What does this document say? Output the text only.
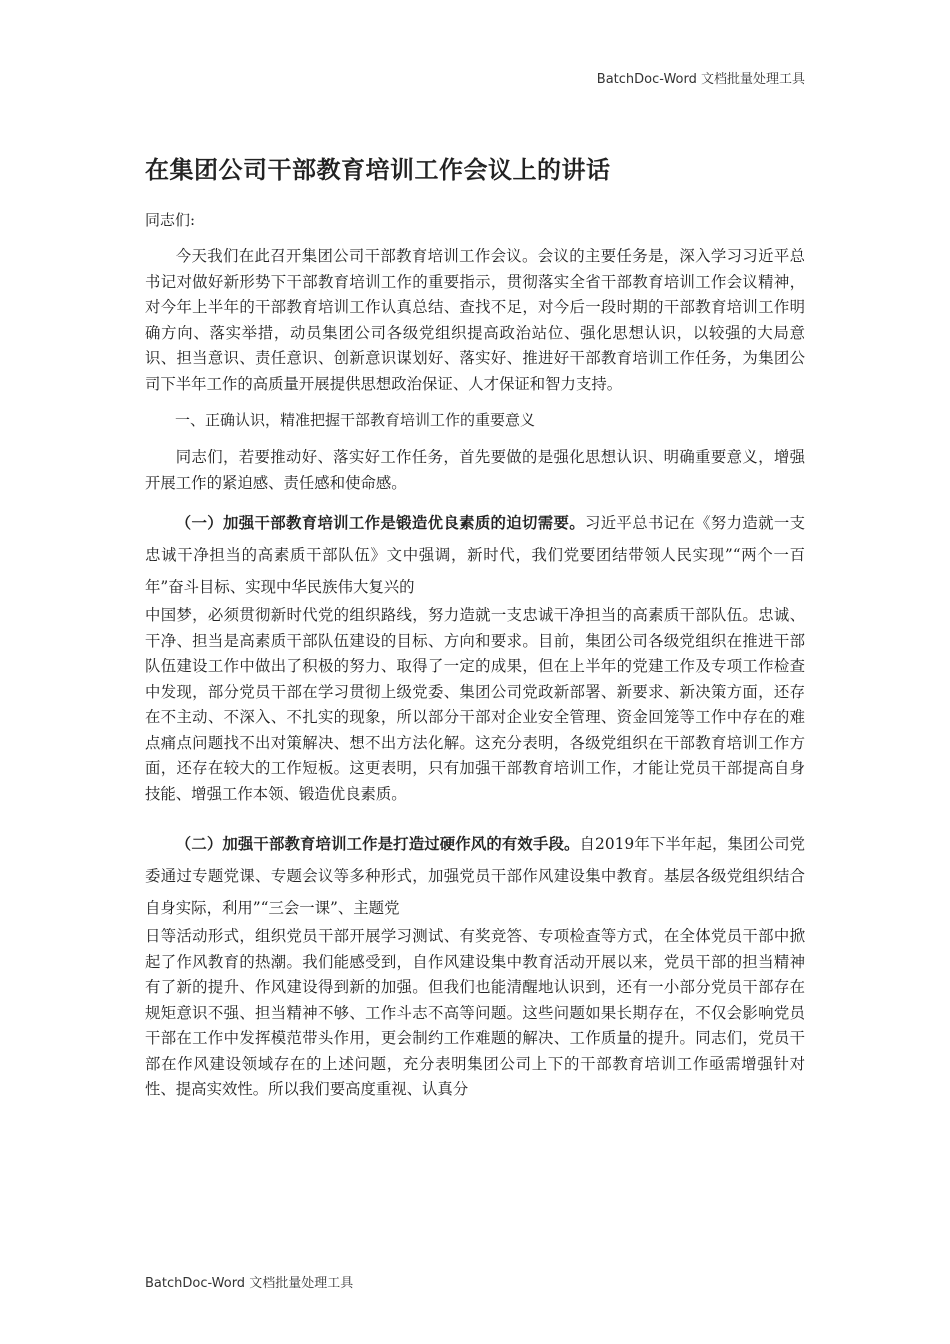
BatchDoc-Word 文档批量处理工具
在集团公司干部教育培训工作会议上的讲话
同志们:

今天我们在此召开集团公司干部教育培训工作会议。会议的主要任务是，深入学习习近平总书记对做好新形势下干部教育培训工作的重要指示，贯彻落实全省干部教育培训工作会议精神，对今年上半年的干部教育培训工作认真总结、查找不足，对今后一段时期的干部教育培训工作明确方向、落实举措，动员集团公司各级党组织提高政治站位、强化思想认识，以较强的大局意识、担当意识、责任意识、创新意识谋划好、落实好、推进好干部教育培训工作任务，为集团公司下半年工作的高质量开展提供思想政治保证、人才保证和智力支持。

一、正确认识，精准把握干部教育培训工作的重要意义

同志们，若要推动好、落实好工作任务，首先要做的是强化思想认识、明确重要意义，增强开展工作的紧迫感、责任感和使命感。

（一）加强干部教育培训工作是锻造优良素质的迫切需要。习近平总书记在《努力造就一支忠诚干净担当的高素质干部队伍》文中强调，新时代，我们党要团结带领人民实现”“两个一百年”奋斗目标、实现中华民族伟大复兴的

中国梦，必须贯彻新时代党的组织路线，努力造就一支忠诚干净担当的高素质干部队伍。忠诚、干净、担当是高素质干部队伍建设的目标、方向和要求。目前，集团公司各级党组织在推进干部队伍建设工作中做出了积极的努力、取得了一定的成果，但在上半年的党建工作及专项工作检查中发现，部分党员干部在学习贯彻上级党委、集团公司党政新部署、新要求、新决策方面，还存在不主动、不深入、不扎实的现象，所以部分干部对企业安全管理、资金回笼等工作中存在的难点痛点问题找不出对策解决、想不出方法化解。这充分表明，各级党组织在干部教育培训工作方面，还存在较大的工作短板。这更表明，只有加强干部教育培训工作，才能让党员干部提高自身技能、增强工作本领、锻造优良素质。

（二）加强干部教育培训工作是打造过硬作风的有效手段。自2019年下半年起，集团公司党委通过专题党课、专题会议等多种形式，加强党员干部作风建设集中教育。基层各级党组织结合自身实际，利用”“三会一课”、主题党

日等活动形式，组织党员干部开展学习测试、有奖竞答、专项检查等方式，在全体党员干部中掀起了作风教育的热潮。我们能感受到，自作风建设集中教育活动开展以来，党员干部的担当精神有了新的提升、作风建设得到新的加强。但我们也能清醒地认识到，还有一小部分党员干部存在规矩意识不强、担当精神不够、工作斗志不高等问题。这些问题如果长期存在，不仅会影响党员干部在工作中发挥模范带头作用，更会制约工作难题的解决、工作质量的提升。同志们，党员干部在作风建设领域存在的上述问题，充分表明集团公司上下的干部教育培训工作亟需增强针对性、提高实效性。所以我们要高度重视、认真分

BatchDoc-Word 文档批量处理工具
